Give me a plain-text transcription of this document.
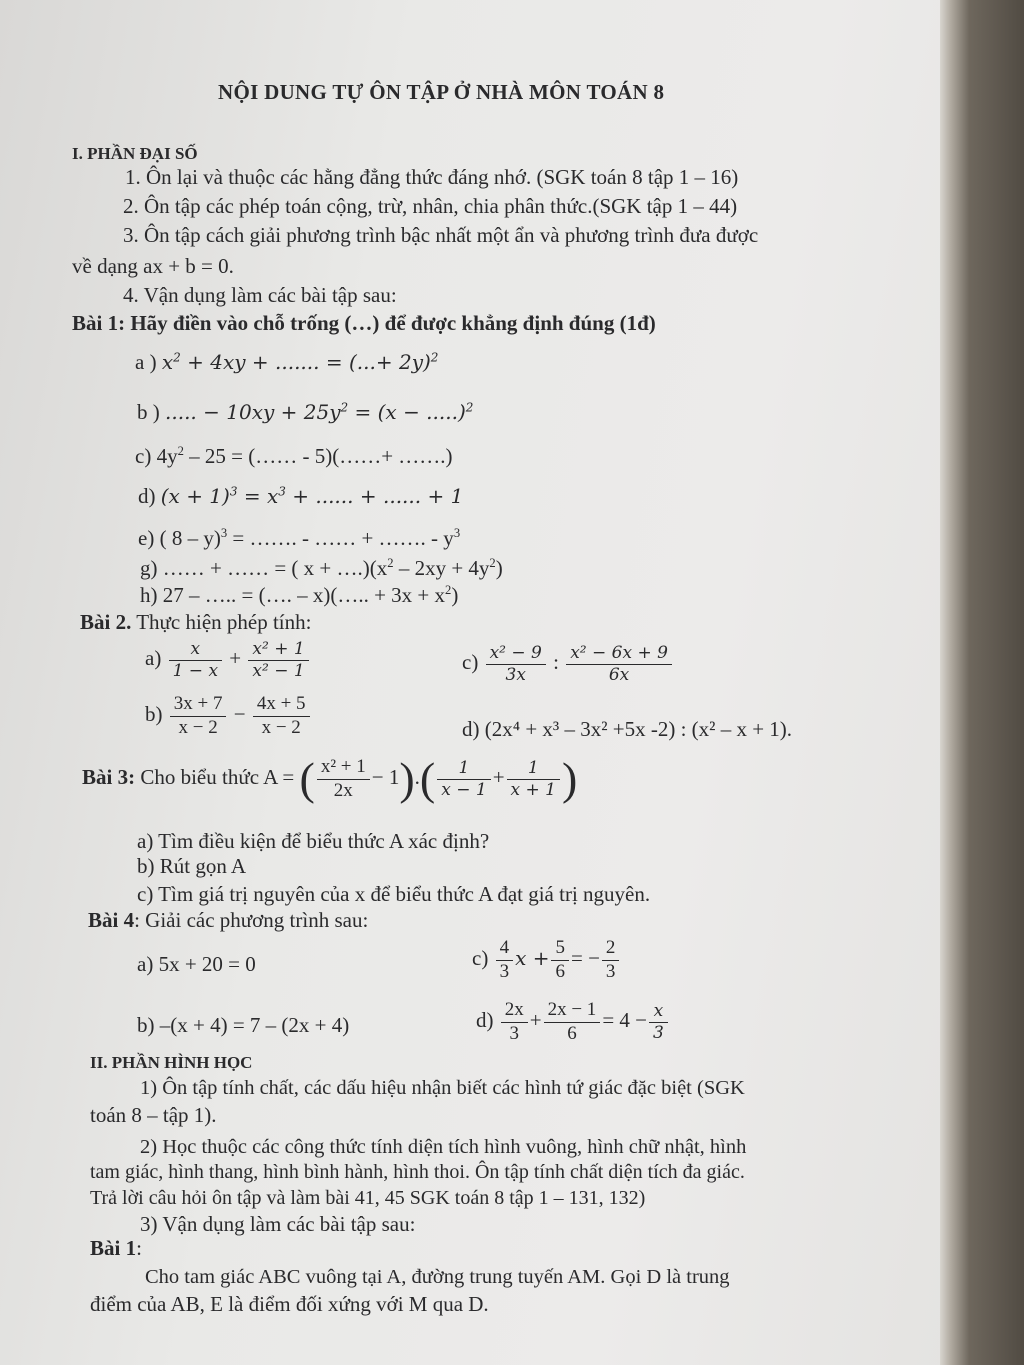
NỘI DUNG TỰ ÔN TẬP Ở NHÀ MÔN TOÁN 8
I. PHẦN ĐẠI SỐ
1. Ôn lại và thuộc các hằng đẳng thức đáng nhớ. (SGK toán 8 tập 1 – 16)
2. Ôn tập các phép toán cộng, trừ, nhân, chia phân thức.(SGK tập 1 – 44)
3. Ôn tập cách giải phương trình bậc nhất một ẩn và phương trình đưa được
về dạng ax + b = 0.
4. Vận dụng làm các bài tập sau:
Bài 1: Hãy điền vào chỗ trống (…) để được khẳng định đúng (1đ)
a ) $x^2 + 4xy$ + ....... = (...+ 2y)$^2$
b ) ..... − $10xy + 25y^2 = (x - .....)^2$
c) $4y^2 - 25$ = (…… - 5)(……+ …….)
d) $(x + 1)^3 = x^3$ + ...... + ...... + 1
e) ( 8 – y)$^3$ = ……. - …… + ……. - $y^3$
g) …… + …… = ( $x + \dots.)(x^2 - 2xy + 4y^2)$
h) 27 – ….. = (…. – x)(….. + $3x + x^2$)
Bài 2. Thực hiện phép tính:
$a) \frac{x}{1 - x} + \frac{\text{x² + 1}}{\text{x² − 1}}$	$c) \frac{\text{x² − 9}}{3x}$ : $\frac{\text{x² − 6x + 9}}{6x}$
$b) \frac{3x + 7}{x - 2} - \frac{4x + 5}{x - 2}$	d) (2x⁴ + x³ – 3x² +5x -2) : (x² – x + 1).
Bài 3: Cho biểu thức A = ( $\frac{\text{x² + 1}}{2x} - 1).( \frac{1}{x - 1} + \frac{1}{x + 1}$ )
a) Tìm điều kiện để biểu thức A xác định?
b) Rút gọn A
c) Tìm giá trị nguyên của x để biểu thức A đạt giá trị nguyên.
Bài 4: Giải các phương trình sau:
a) 5x + 20 = 0	$c) \frac{4}{3}$ $x + \frac{5}{6}$ = − $\frac{2}{3}$
b) –(x + 4) = 7 – (2x + 4)	$d) \frac{2x}{3} + \frac{2x - 1}{6} = 4 - \frac{x}{3}$
II. PHẦN HÌNH HỌC
1) Ôn tập tính chất, các dấu hiệu nhận biết các hình tứ giác đặc biệt (SGK
toán 8 – tập 1).
2) Học thuộc các công thức tính diện tích hình vuông, hình chữ nhật, hình
tam giác, hình thang, hình bình hành, hình thoi. Ôn tập tính chất diện tích đa giác.
Trả lời câu hỏi ôn tập và làm bài 41, 45 SGK toán 8 tập 1 – 131, 132)
3) Vận dụng làm các bài tập sau:
Bài 1:
Cho tam giác ABC vuông tại A, đường trung tuyến AM. Gọi D là trung
điểm của AB, E là điểm đối xứng với M qua D.
